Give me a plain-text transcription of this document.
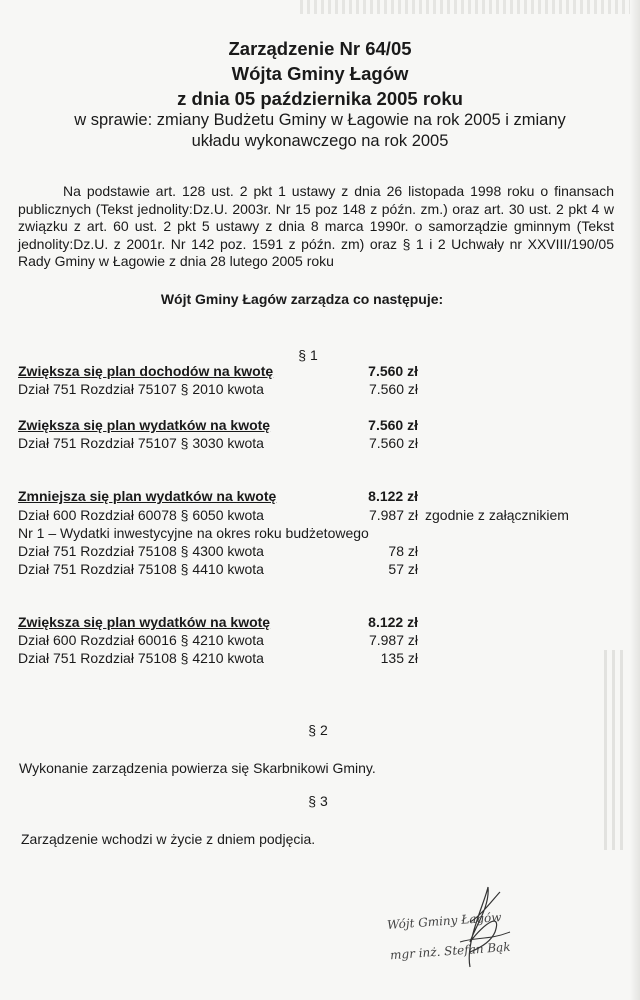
Zarządzenie Nr 64/05
Wójta Gminy Łagów
z dnia 05 października 2005 roku
w sprawie: zmiany Budżetu Gminy w Łagowie na rok 2005 i zmiany
układu wykonawczego na rok 2005
Na podstawie art. 128 ust. 2 pkt 1 ustawy z dnia 26 listopada 1998 roku o finansach publicznych (Tekst jednolity:Dz.U. 2003r. Nr 15 poz 148 z późn. zm.) oraz art. 30 ust. 2 pkt 4 w związku z art. 60 ust. 2 pkt 5 ustawy z dnia 8 marca 1990r. o samorządzie gminnym (Tekst jednolity:Dz.U. z 2001r. Nr 142 poz. 1591 z późn. zm) oraz § 1 i 2 Uchwały nr XXVIII/190/05 Rady Gminy w Łagowie z dnia 28 lutego 2005 roku
Wójt Gminy Łagów zarządza co następuje:
§ 1
Zwiększa się plan dochodów na kwotę	7.560 zł
Dział 751 Rozdział 75107 § 2010 kwota	7.560 zł
Zwiększa się plan wydatków na kwotę	7.560 zł
Dział 751 Rozdział 75107 § 3030 kwota	7.560 zł
Zmniejsza się plan wydatków na kwotę	8.122 zł
Dział 600 Rozdział 60078 § 6050 kwota	7.987 zł zgodnie z załącznikiem
Nr 1 – Wydatki inwestycyjne na okres roku budżetowego
Dział 751 Rozdział 75108 § 4300 kwota	78 zł
Dział 751 Rozdział 75108 § 4410 kwota	57 zł
Zwiększa się plan wydatków na kwotę	8.122 zł
Dział 600 Rozdział 60016 § 4210 kwota	7.987 zł
Dział 751 Rozdział 75108 § 4210 kwota	135 zł
§ 2
Wykonanie zarządzenia powierza się Skarbnikowi Gminy.
§ 3
Zarządzenie wchodzi w życie z dniem podjęcia.
Wójt Gminy Łagów
mgr inż. Stefan Bąk
